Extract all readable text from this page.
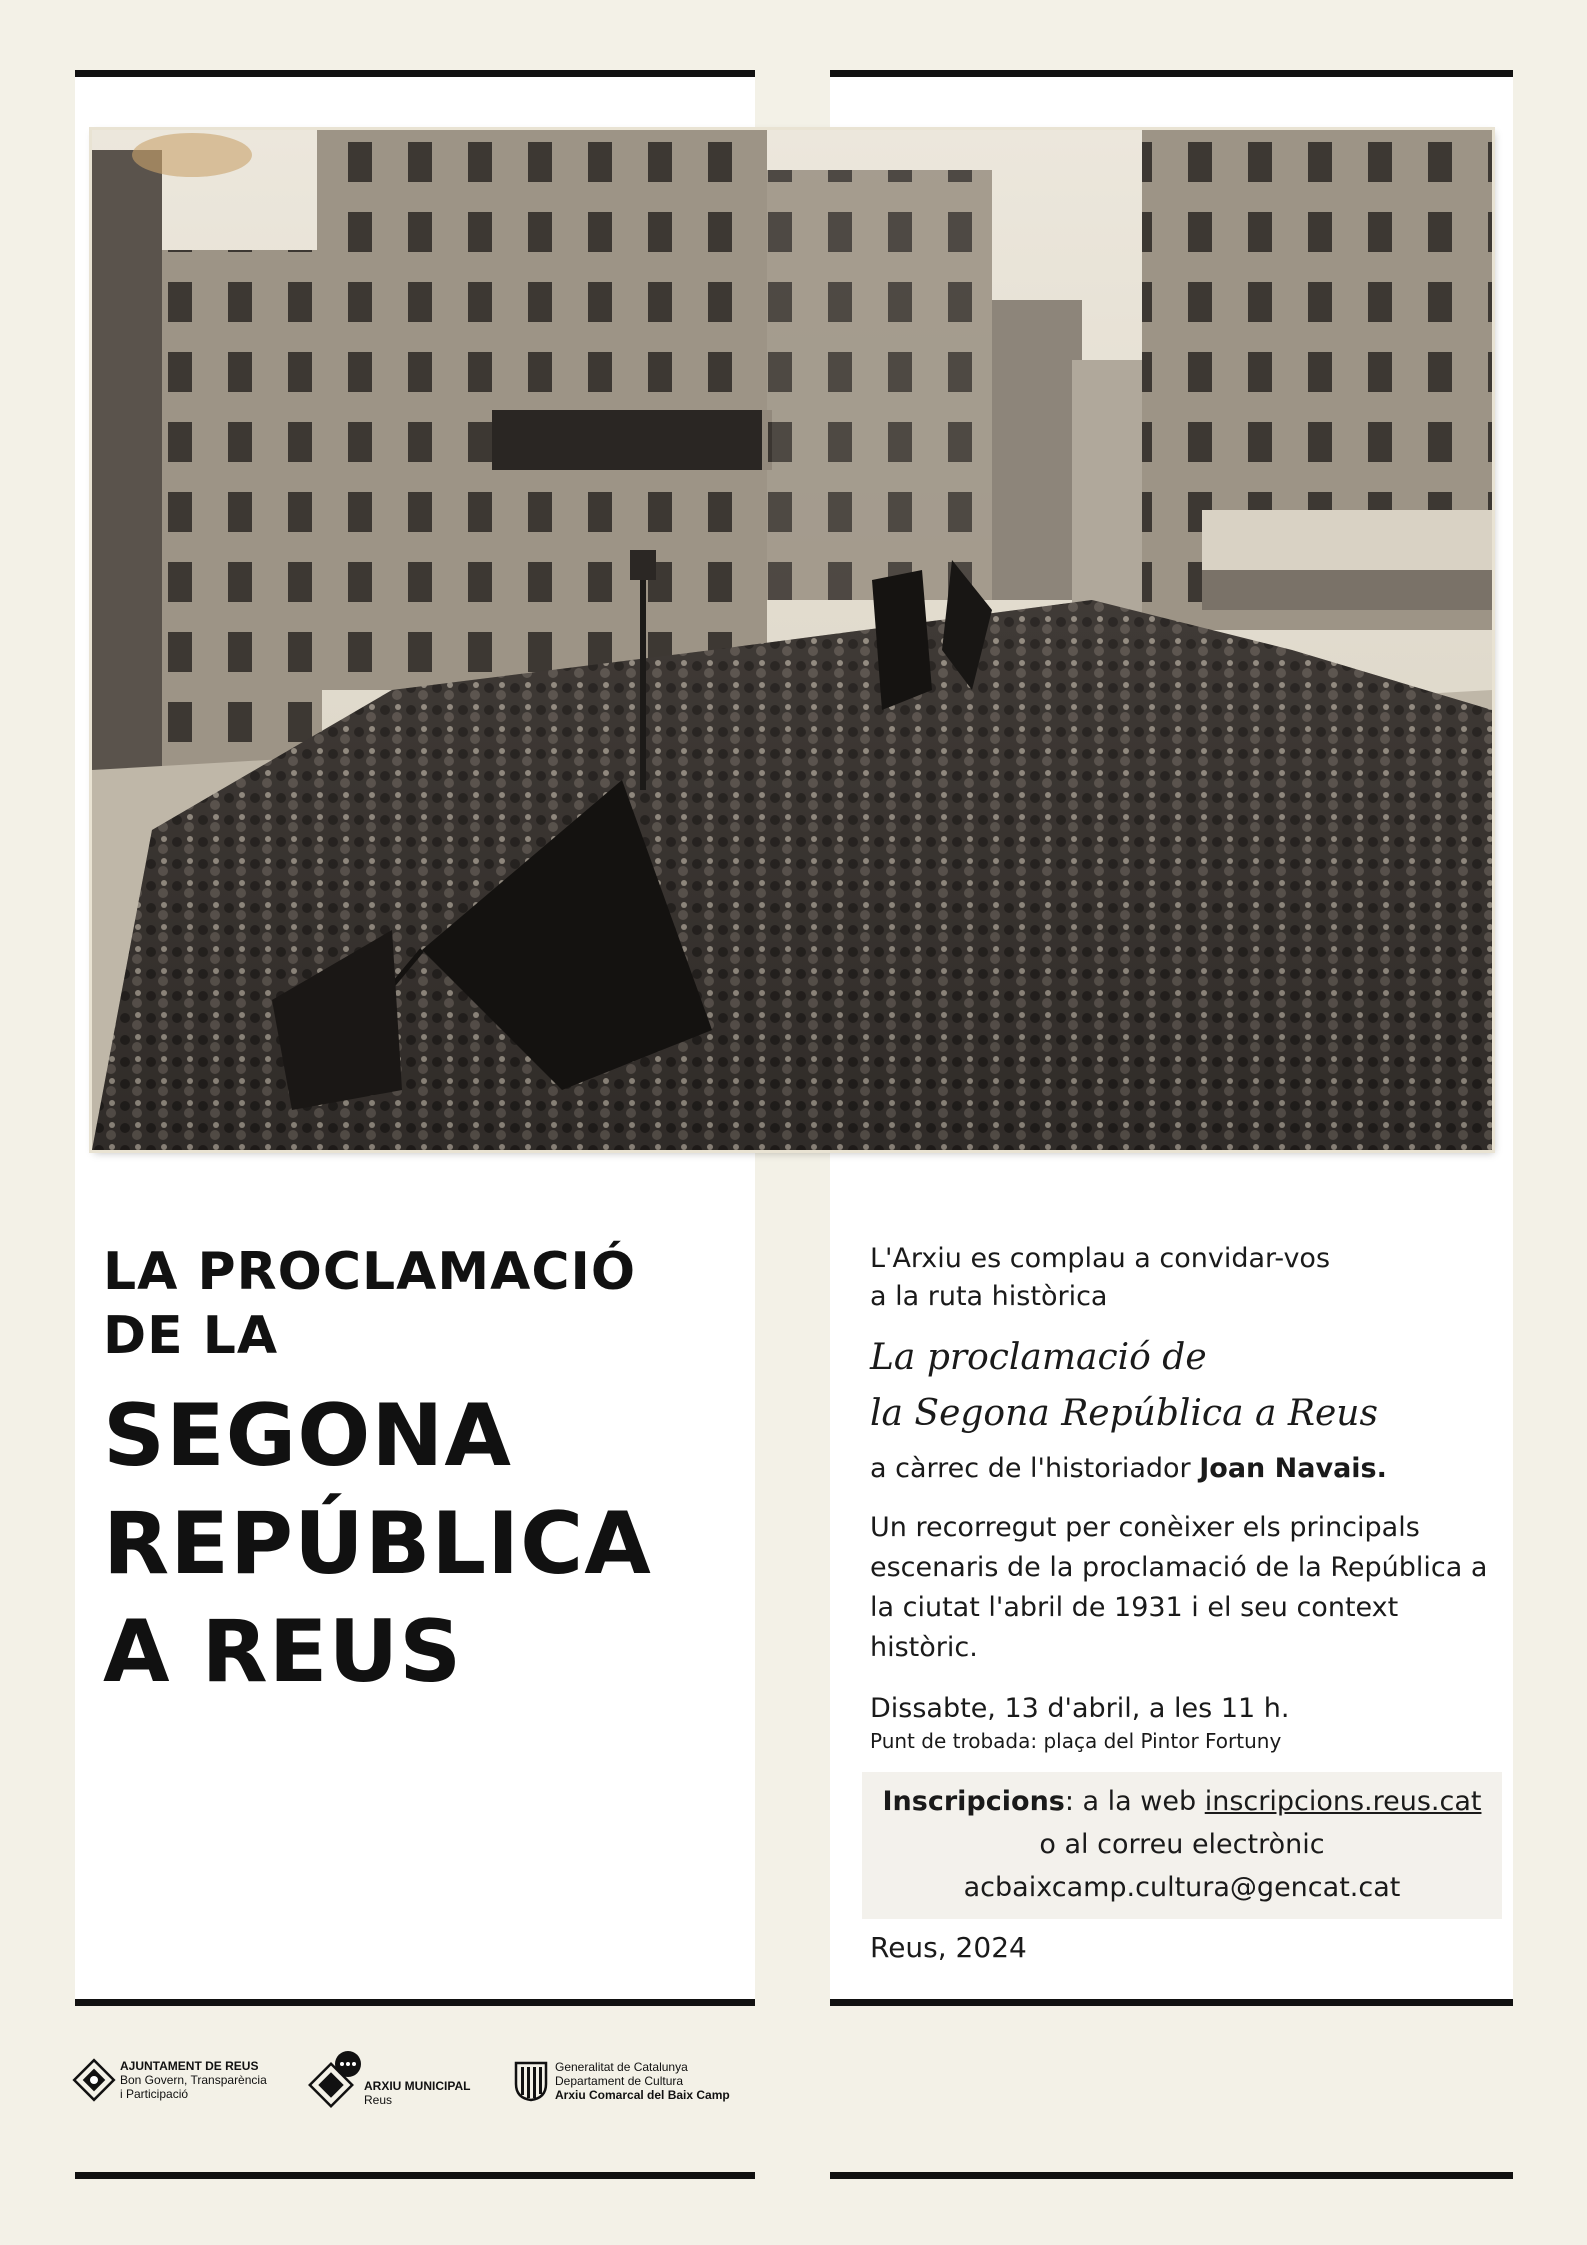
LA PROCLAMACIÓ
DE LA
SEGONA
REPÚBLICA
A REUS

L'Arxiu es complau a convidar-vos

a la ruta històrica

La proclamació de
la Segona República a Reus

a càrrec de l'historiador Joan Navais.

Un recorregut per conèixer els principals escenaris de la proclamació de la República a la ciutat l'abril de 1931 i el seu context històric.

Dissabte, 13 d'abril, a les 11 h.

Punt de trobada: plaça del Pintor Fortuny

Inscripcions: a la web inscripcions.reus.cat
o al correu electrònic
acbaixcamp.cultura@gencat.cat

Reus, 2024

AJUNTAMENT DE REUS
Bon Govern, Transparència
i Participació
ARXIU MUNICIPAL
Reus
Generalitat de Catalunya
Departament de Cultura
Arxiu Comarcal del Baix Camp
